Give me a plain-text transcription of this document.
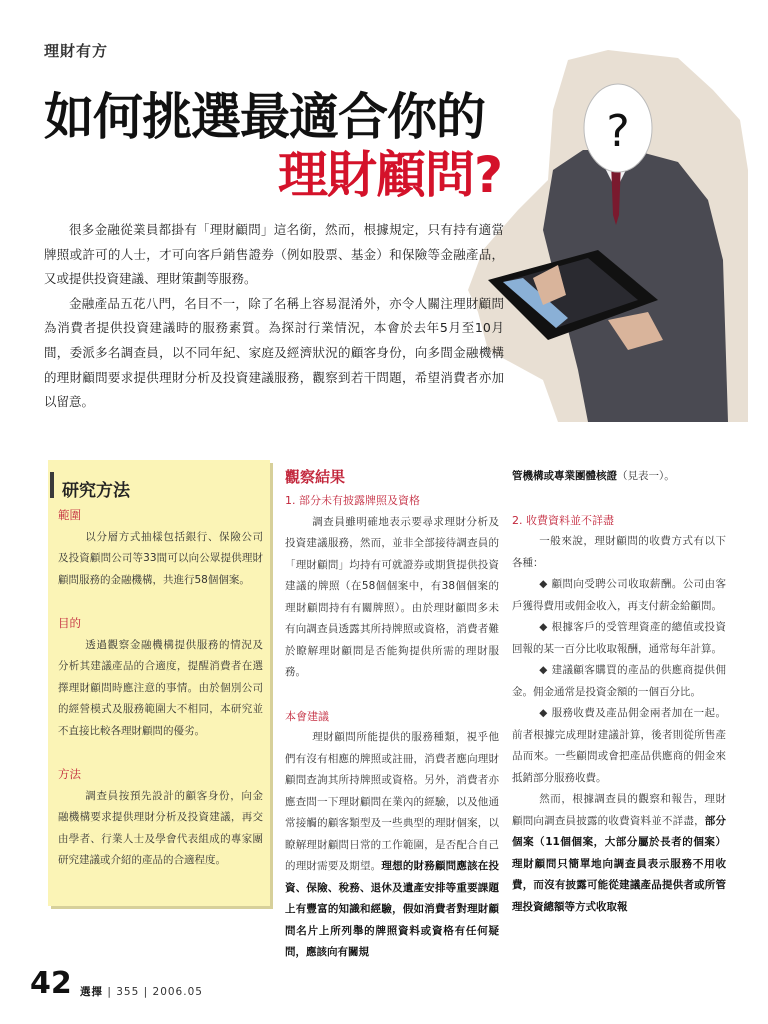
理財有方
如何挑選最適合你的
理財顧問?
?

很多金融從業員都掛有「理財顧問」這名銜，然而，根據規定，只有持有適當牌照或許可的人士，才可向客戶銷售證券（例如股票、基金）和保險等金融產品，又或提供投資建議、理財策劃等服務。

金融產品五花八門，名目不一，除了名稱上容易混淆外，亦令人關注理財顧問為消費者提供投資建議時的服務素質。為探討行業情況，本會於去年5月至10月間，委派多名調查員，以不同年紀、家庭及經濟狀況的顧客身份，向多間金融機構的理財顧問要求提供理財分析及投資建議服務，觀察到若干問題，希望消費者亦加以留意。

研究方法
範圍

以分層方式抽樣包括銀行、保險公司及投資顧問公司等33間可以向公眾提供理財顧問服務的金融機構，共進行58個個案。

目的

透過觀察金融機構提供服務的情況及分析其建議產品的合適度，提醒消費者在選擇理財顧問時應注意的事情。由於個別公司的經營模式及服務範圍大不相同，本研究並不直接比較各理財顧問的優劣。

方法

調查員按預先設計的顧客身份，向金融機構要求提供理財分析及投資建議，再交由學者、行業人士及學會代表組成的專家團研究建議或介紹的產品的合適程度。

觀察結果

1. 部分未有披露牌照及資格

調查員雖明確地表示要尋求理財分析及投資建議服務，然而，並非全部接待調查員的「理財顧問」均持有可就證券或期貨提供投資建議的牌照（在58個個案中，有38個個案的理財顧問持有有關牌照）。由於理財顧問多未有向調查員透露其所持牌照或資格，消費者難於瞭解理財顧問是否能夠提供所需的理財服務。

本會建議

理財顧問所能提供的服務種類，視乎他們有沒有相應的牌照或註冊，消費者應向理財顧問查詢其所持牌照或資格。另外，消費者亦應查問一下理財顧問在業內的經驗，以及他通常接觸的顧客類型及一些典型的理財個案，以瞭解理財顧問日常的工作範圍，是否配合自己的理財需要及期望。理想的財務顧問應該在投資、保險、稅務、退休及遺產安排等重要課題上有豐富的知識和經驗，假如消費者對理財顧問名片上所列舉的牌照資料或資格有任何疑問，應該向有關規

管機構或專業團體核證（見表一）。

2. 收費資料並不詳盡

一般來說，理財顧問的收費方式有以下各種：

◆ 顧問向受聘公司收取薪酬。公司由客戶獲得費用或佣金收入，再支付薪金給顧問。

◆ 根據客戶的受管理資產的總值或投資回報的某一百分比收取報酬，通常每年計算。

◆ 建議顧客購買的產品的供應商提供佣金。佣金通常是投資金額的一個百分比。

◆ 服務收費及產品佣金兩者加在一起。前者根據完成理財建議計算，後者則從所售產品而來。一些顧問或會把產品供應商的佣金來抵銷部分服務收費。

然而，根據調查員的觀察和報告，理財顧問向調查員披露的收費資料並不詳盡，部分個案（11個個案，大部分屬於長者的個案）理財顧問只簡單地向調查員表示服務不用收費，而沒有披露可能從建議產品提供者或所管理投資總額等方式收取報

42 選擇 | 355 | 2006.05
